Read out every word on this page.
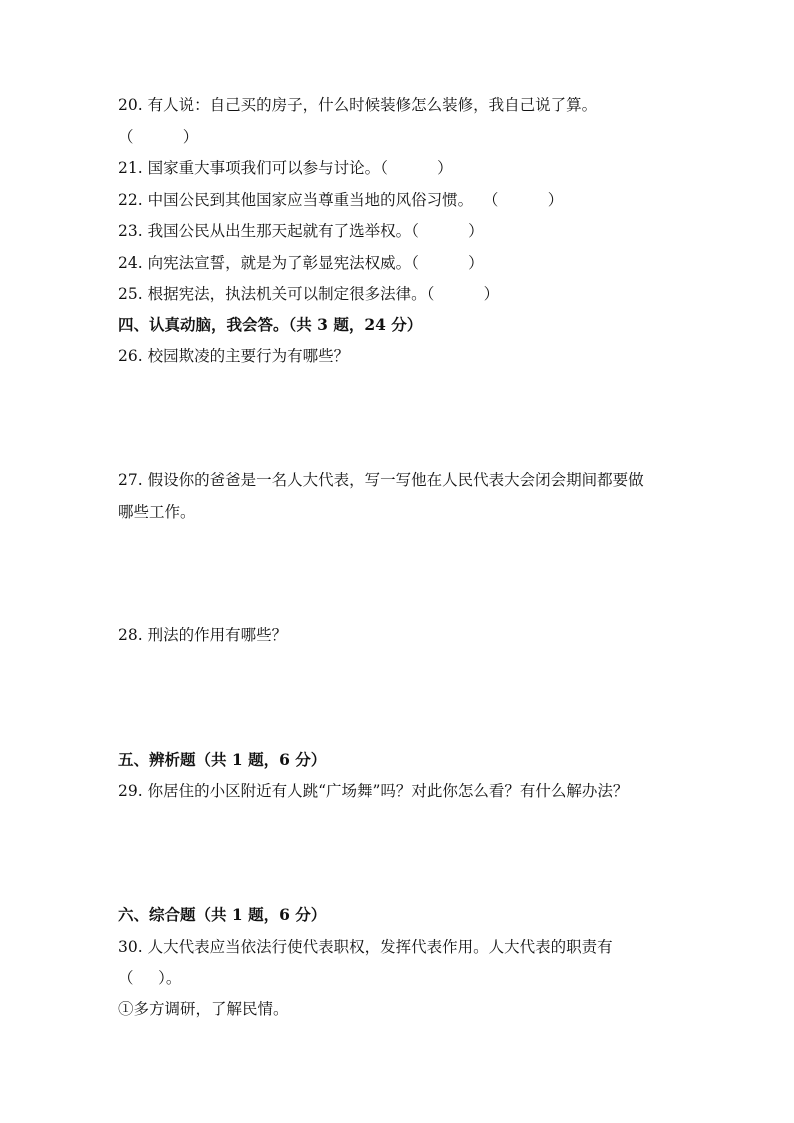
20. 有人说：自己买的房子，什么时候装修怎么装修，我自己说了算。
（          ）
21. 国家重大事项我们可以参与讨论。（          ）
22. 中国公民到其他国家应当尊重当地的风俗习惯。  （          ）
23. 我国公民从出生那天起就有了选举权。（          ）
24. 向宪法宣誓，就是为了彰显宪法权威。（          ）
25. 根据宪法，执法机关可以制定很多法律。（          ）
四、认真动脑，我会答。（共 3 题，24 分）
26. 校园欺凌的主要行为有哪些？
27. 假设你的爸爸是一名人大代表，写一写他在人民代表大会闭会期间都要做
哪些工作。
28. 刑法的作用有哪些？
五、辨析题（共 1 题，6 分）
29. 你居住的小区附近有人跳“广场舞”吗？对此你怎么看？有什么解办法？
六、综合题（共 1 题，6 分）
30. 人大代表应当依法行使代表职权，发挥代表作用。人大代表的职责有
（     ）。
①多方调研，了解民情。
